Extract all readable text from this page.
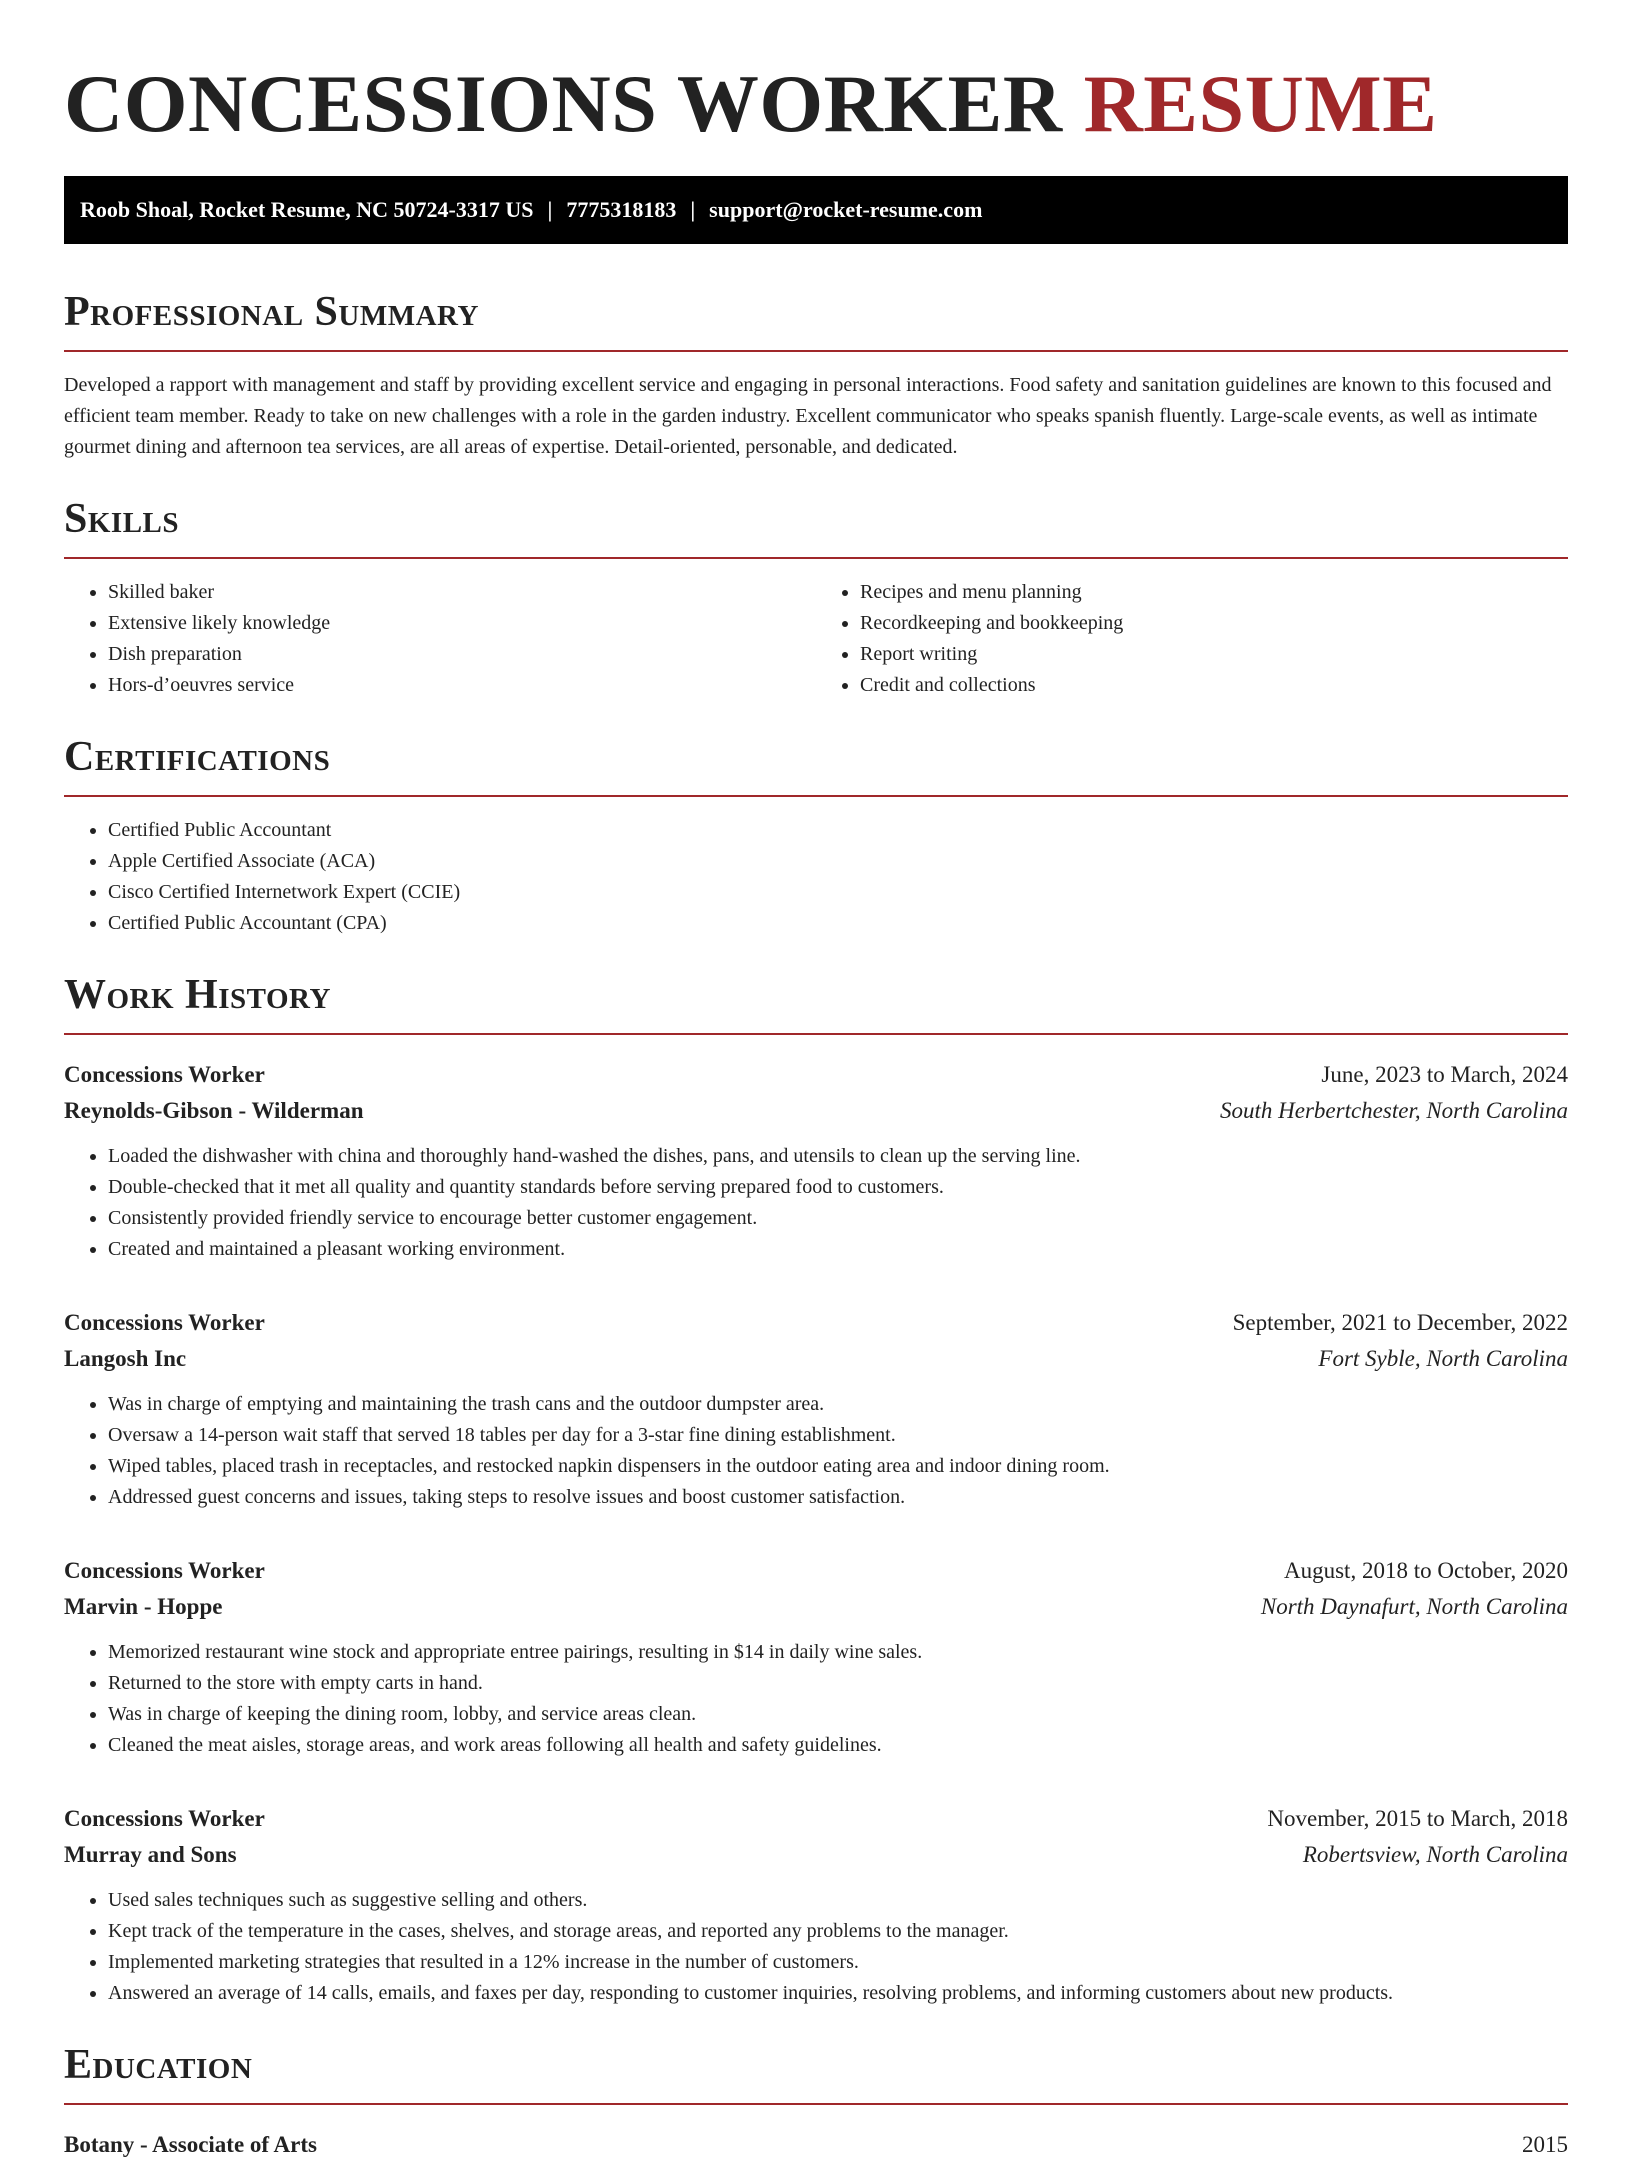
CONCESSIONS WORKER RESUME
Roob Shoal, Rocket Resume, NC 50724-3317 US | 7775318183 | support@rocket-resume.com
Professional Summary

Developed a rapport with management and staff by providing excellent service and engaging in personal interactions. Food safety and sanitation guidelines are known to this focused and efficient team member. Ready to take on new challenges with a role in the garden industry. Excellent communicator who speaks spanish fluently. Large-scale events, as well as intimate gourmet dining and afternoon tea services, are all areas of expertise. Detail-oriented, personable, and dedicated.

Skills
• Skilled baker
• Extensive likely knowledge
• Dish preparation
• Hors-d’oeuvres service
• Recipes and menu planning
• Recordkeeping and bookkeeping
• Report writing
• Credit and collections
Certifications
• Certified Public Accountant
• Apple Certified Associate (ACA)
• Cisco Certified Internetwork Expert (CCIE)
• Certified Public Accountant (CPA)
Work History
Concessions Worker	June, 2023 to March, 2024
Reynolds-Gibson - Wilderman	South Herbertchester, North Carolina
• Loaded the dishwasher with china and thoroughly hand-washed the dishes, pans, and utensils to clean up the serving line.
• Double-checked that it met all quality and quantity standards before serving prepared food to customers.
• Consistently provided friendly service to encourage better customer engagement.
• Created and maintained a pleasant working environment.
Concessions Worker	September, 2021 to December, 2022
Langosh Inc	Fort Syble, North Carolina
• Was in charge of emptying and maintaining the trash cans and the outdoor dumpster area.
• Oversaw a 14-person wait staff that served 18 tables per day for a 3-star fine dining establishment.
• Wiped tables, placed trash in receptacles, and restocked napkin dispensers in the outdoor eating area and indoor dining room.
• Addressed guest concerns and issues, taking steps to resolve issues and boost customer satisfaction.
Concessions Worker	August, 2018 to October, 2020
Marvin - Hoppe	North Daynafurt, North Carolina
• Memorized restaurant wine stock and appropriate entree pairings, resulting in $14 in daily wine sales.
• Returned to the store with empty carts in hand.
• Was in charge of keeping the dining room, lobby, and service areas clean.
• Cleaned the meat aisles, storage areas, and work areas following all health and safety guidelines.
Concessions Worker	November, 2015 to March, 2018
Murray and Sons	Robertsview, North Carolina
• Used sales techniques such as suggestive selling and others.
• Kept track of the temperature in the cases, shelves, and storage areas, and reported any problems to the manager.
• Implemented marketing strategies that resulted in a 12% increase in the number of customers.
• Answered an average of 14 calls, emails, and faxes per day, responding to customer inquiries, resolving problems, and informing customers about new products.
Education
Botany - Associate of Arts	2015
